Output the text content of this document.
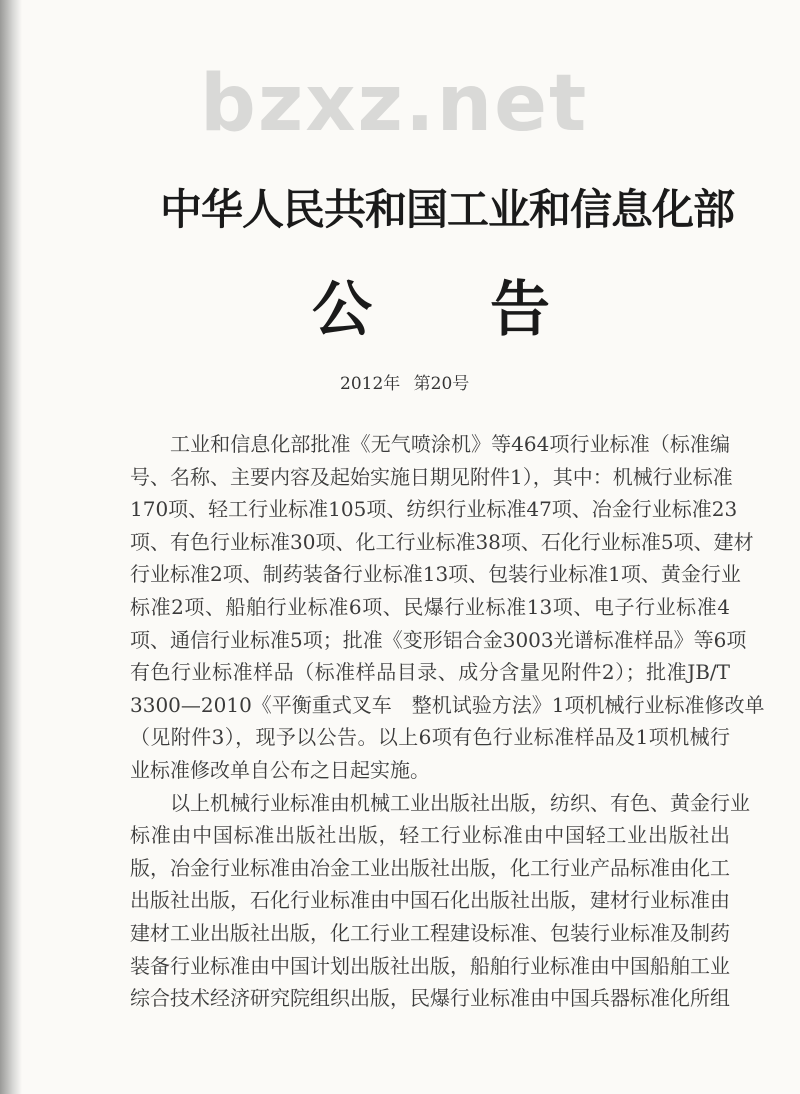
bzxz.net
中华人民共和国工业和信息化部
公告
2012年 第20号
工业和信息化部批准《无气喷涂机》等464项行业标准（标准编
号、名称、主要内容及起始实施日期见附件1），其中：机械行业标准
170项、轻工行业标准105项、纺织行业标准47项、冶金行业标准23
项、有色行业标准30项、化工行业标准38项、石化行业标准5项、建材
行业标准2项、制药装备行业标准13项、包装行业标准1项、黄金行业
标准2项、船舶行业标准6项、民爆行业标准13项、电子行业标准4
项、通信行业标准5项；批准《变形铝合金3003光谱标准样品》等6项
有色行业标准样品（标准样品目录、成分含量见附件2）；批准JB/T
3300—2010《平衡重式叉车　整机试验方法》1项机械行业标准修改单
（见附件3），现予以公告。以上6项有色行业标准样品及1项机械行
业标准修改单自公布之日起实施。
以上机械行业标准由机械工业出版社出版，纺织、有色、黄金行业
标准由中国标准出版社出版，轻工行业标准由中国轻工业出版社出
版，冶金行业标准由冶金工业出版社出版，化工行业产品标准由化工
出版社出版，石化行业标准由中国石化出版社出版，建材行业标准由
建材工业出版社出版，化工行业工程建设标准、包装行业标准及制药
装备行业标准由中国计划出版社出版，船舶行业标准由中国船舶工业
综合技术经济研究院组织出版，民爆行业标准由中国兵器标准化所组
